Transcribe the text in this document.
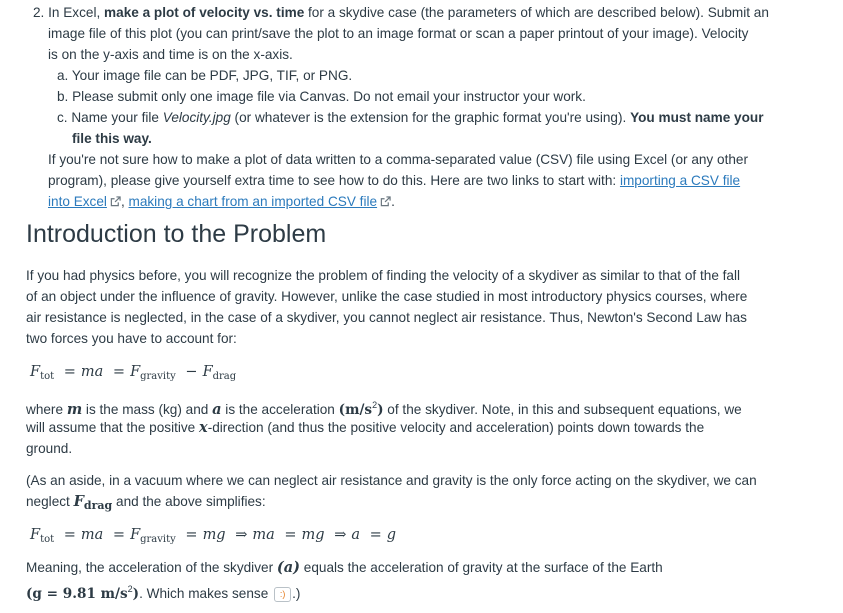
2. In Excel, make a plot of velocity vs. time for a skydive case (the parameters of which are described below). Submit an
image file of this plot (you can print/save the plot to an image format or scan a paper printout of your image). Velocity
is on the y-axis and time is on the x-axis.
a. Your image file can be PDF, JPG, TIF, or PNG.
b. Please submit only one image file via Canvas. Do not email your instructor your work.
c. Name your file Velocity.jpg (or whatever is the extension for the graphic format you're using). You must name your
file this way.
If you're not sure how to make a plot of data written to a comma-separated value (CSV) file using Excel (or any other
program), please give yourself extra time to see how to do this. Here are two links to start with: importing a CSV file
into Excel , making a chart from an imported CSV file .
Introduction to the Problem
If you had physics before, you will recognize the problem of finding the velocity of a skydiver as similar to that of the fall
of an object under the influence of gravity. However, unlike the case studied in most introductory physics courses, where
air resistance is neglected, in the case of a skydiver, you cannot neglect air resistance. Thus, Newton's Second Law has
two forces you have to account for:
$F_{tot}$ = ma = $F_{gravity} - F_{drag}$
where m is the mass (kg) and a is the acceleration $(m/s^2)$ of the skydiver. Note, in this and subsequent equations, we
will assume that the positive x-direction (and thus the positive velocity and acceleration) points down towards the
ground.
(As an aside, in a vacuum where we can neglect air resistance and gravity is the only force acting on the skydiver, we can
neglect $F_{drag}$ and the above simplifies:
$F_{tot}$ = ma = $F_{gravity}$ = mg ⇒ ma = mg ⇒ a = g
Meaning, the acceleration of the skydiver (a) equals the acceleration of gravity at the surface of the Earth
(g = 9.81 $m/s^2$). Which makes sense :) .)
